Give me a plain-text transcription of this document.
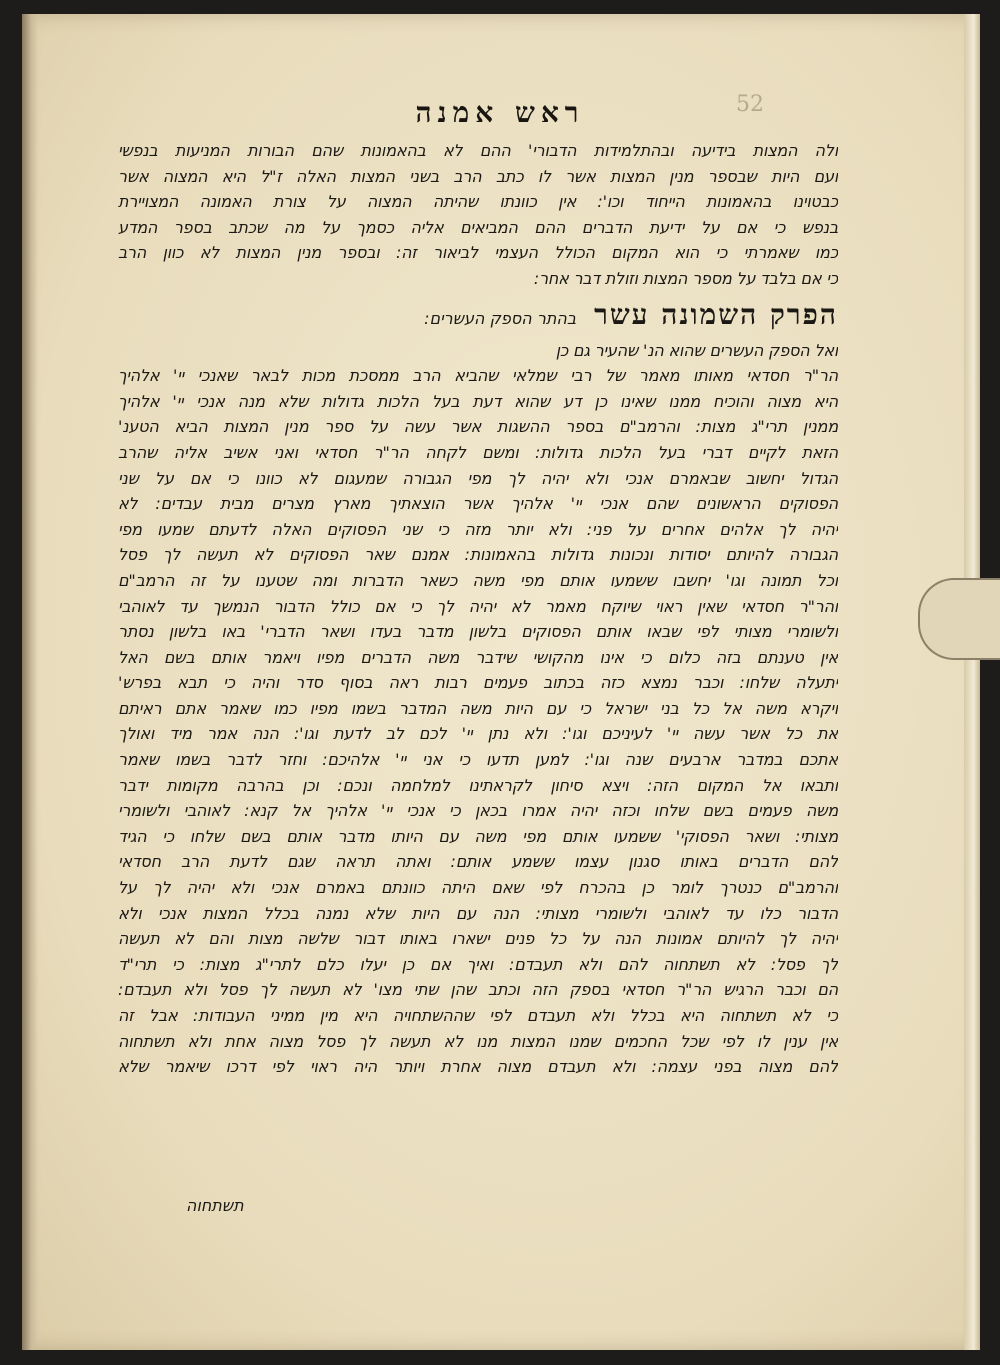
52
ראש אמנה
ולה המצות בידיעה ובהתלמידות הדבורי' ההם לא בהאמונות שהם הבורות המניעות בנפשי
ועם היות שבספר מנין המצות אשר לו כתב הרב בשני המצות האלה ז"ל היא המצוה אשר
כבטוינו בהאמונות הייחוד וכו': אין כוונתו שהיתה המצוה על צורת האמונה המצויירת
בנפש כי אם על ידיעת הדברים ההם המביאים אליה כסמך על מה שכתב בספר המדע
כמו שאמרתי כי הוא המקום הכולל העצמי לביאור זה: ובספר מנין המצות לא כוון הרב
כי אם בלבד על מספר המצות וזולת דבר אחר:
הפרק השמונה עשר
בהתר הספק העשרים:
ואל הספק העשרים שהוא הנ' שהעיר גם כן
הר"ר חסדאי מאותו מאמר של רבי שמלאי שהביא הרב ממסכת מכות לבאר שאנכי יי' אלהיך
היא מצוה והוכיח ממנו שאינו כן דע שהוא דעת בעל הלכות גדולות שלא מנה אנכי יי' אלהיך
ממנין תרי"ג מצות: והרמב"ם בספר ההשגות אשר עשה על ספר מנין המצות הביא הטענ'
הזאת לקיים דברי בעל הלכות גדולות: ומשם לקחה הר"ר חסדאי ואני אשיב אליה שהרב
הגדול יחשוב שבאמרם אנכי ולא יהיה לך מפי הגבורה שמעגום לא כוונו כי אם על שני
הפסוקים הראשונים שהם אנכי יי' אלהיך אשר הוצאתיך מארץ מצרים מבית עבדים: לא
יהיה לך אלהים אחרים על פני: ולא יותר מזה כי שני הפסוקים האלה לדעתם שמעו מפי
הגבורה להיותם יסודות ונכונות גדולות בהאמונות: אמנם שאר הפסוקים לא תעשה לך פסל
וכל תמונה וגו' יחשבו ששמעו אותם מפי משה כשאר הדברות ומה שטענו על זה הרמב"ם
והר"ר חסדאי שאין ראוי שיוקח מאמר לא יהיה לך כי אם כולל הדבור הנמשך עד לאוהבי
ולשומרי מצותי לפי שבאו אותם הפסוקים בלשון מדבר בעדו ושאר הדברי' באו בלשון נסתר
אין טענתם בזה כלום כי אינו מהקושי שידבר משה הדברים מפיו ויאמר אותם בשם האל
יתעלה שלחו: וכבר נמצא כזה בכתוב פעמים רבות ראה בסוף סדר והיה כי תבא בפרש'
ויקרא משה אל כל בני ישראל כי עם היות משה המדבר בשמו מפיו כמו שאמר אתם ראיתם
את כל אשר עשה יי' לעיניכם וגו': ולא נתן יי' לכם לב לדעת וגו': הנה אמר מיד ואולך
אתכם במדבר ארבעים שנה וגו': למען תדעו כי אני יי' אלהיכם: וחזר לדבר בשמו שאמר
ותבאו אל המקום הזה: ויצא סיחון לקראתינו למלחמה ונכם: וכן בהרבה מקומות ידבר
משה פעמים בשם שלחו וכזה יהיה אמרו בכאן כי אנכי יי' אלהיך אל קנא: לאוהבי ולשומרי
מצותי: ושאר הפסוקי' ששמעו אותם מפי משה עם היותו מדבר אותם בשם שלחו כי הגיד
להם הדברים באותו סגנון עצמו ששמע אותם: ואתה תראה שגם לדעת הרב חסדאי
והרמב"ם כנטרך לומר כן בהכרח לפי שאם היתה כוונתם באמרם אנכי ולא יהיה לך על
הדבור כלו עד לאוהבי ולשומרי מצותי: הנה עם היות שלא נמנה בכלל המצות אנכי ולא
יהיה לך להיותם אמונות הנה על כל פנים ישארו באותו דבור שלשה מצות והם לא תעשה
לך פסל: לא תשתחוה להם ולא תעבדם: ואיך אם כן יעלו כלם לתרי"ג מצות: כי תרי"ד
הם וכבר הרגיש הר"ר חסדאי בספק הזה וכתב שהן שתי מצו' לא תעשה לך פסל ולא תעבדם:
כי לא תשתחוה היא בכלל ולא תעבדם לפי שההשתחויה היא מין ממיני העבודות: אבל זה
אין ענין לו לפי שכל החכמים שמנו המצות מנו לא תעשה לך פסל מצוה אחת ולא תשתחוה
להם מצוה בפני עצמה: ולא תעבדם מצוה אחרת ויותר היה ראוי לפי דרכו שיאמר שלא
תשתחוה
